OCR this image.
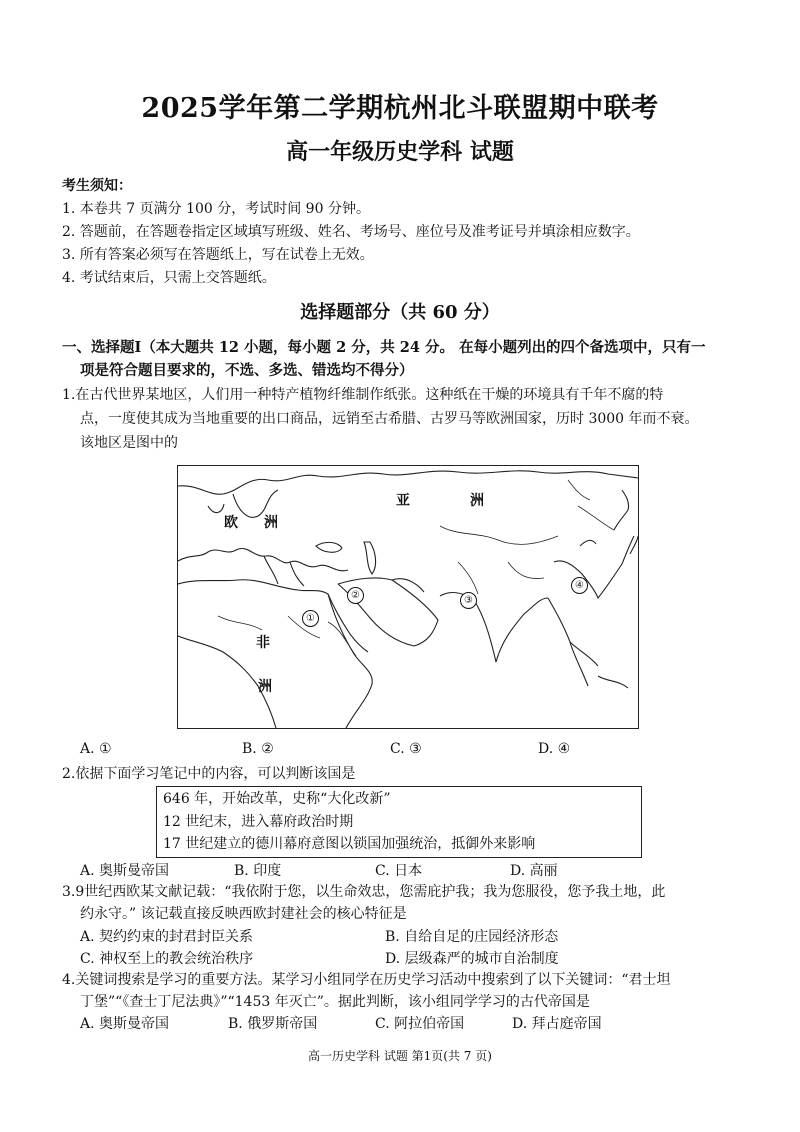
2025学年第二学期杭州北斗联盟期中联考
高一年级历史学科 试题
考生须知：
1. 本卷共 7 页满分 100 分，考试时间 90 分钟。
2. 答题前，在答题卷指定区域填写班级、姓名、考场号、座位号及准考证号并填涂相应数字。
3. 所有答案必须写在答题纸上，写在试卷上无效。
4. 考试结束后，只需上交答题纸。
选择题部分（共 60 分）
一、选择题Ⅰ（本大题共 12 小题，每小题 2 分，共 24 分。 在每小题列出的四个备选项中，只有一
项是符合题目要求的，不选、多选、错选均不得分）
1.在古代世界某地区，人们用一种特产植物纤维制作纸张。这种纸在干燥的环境具有千年不腐的特
点，一度使其成为当地重要的出口商品，远销至古希腊、古罗马等欧洲国家，历时 3000 年而不衰。
该地区是图中的
亚	洲
欧 洲
非
洲
①
②	③
④
A. ①	B. ②	C. ③	D. ④
2.依据下面学习笔记中的内容，可以判断该国是
646 年，开始改革，史称“大化改新”
12 世纪末，进入幕府政治时期
17 世纪建立的德川幕府意图以锁国加强统治，抵御外来影响
A. 奥斯曼帝国	B. 印度	C. 日本	D. 高丽
3.9世纪西欧某文献记载：“我依附于您，以生命效忠，您需庇护我；我为您服役，您予我土地，此
约永守。” 该记载直接反映西欧封建社会的核心特征是
A. 契约约束的封君封臣关系	B. 自给自足的庄园经济形态
C. 神权至上的教会统治秩序	D. 层级森严的城市自治制度
4.关键词搜索是学习的重要方法。某学习小组同学在历史学习活动中搜索到了以下关键词：“君士坦
丁堡”“《查士丁尼法典》”“1453 年灭亡”。据此判断，该小组同学学习的古代帝国是
A. 奥斯曼帝国	B. 俄罗斯帝国	C. 阿拉伯帝国	D. 拜占庭帝国
高一历史学科 试题 第1页(共 7 页)
